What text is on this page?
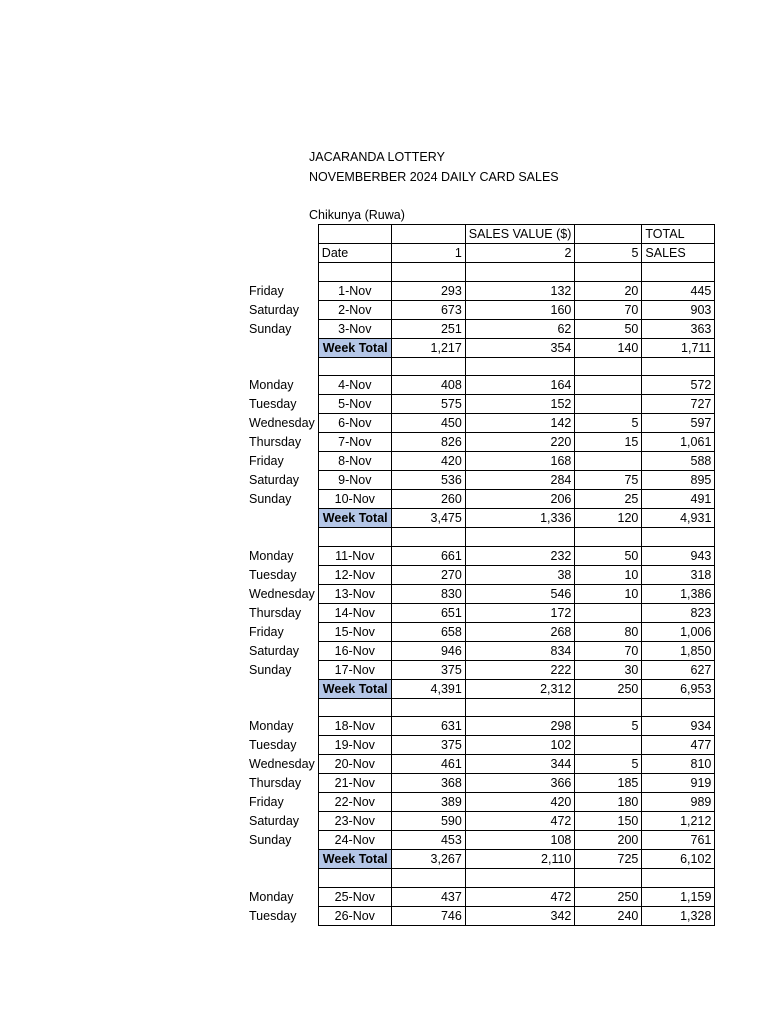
JACARANDA LOTTERY
NOVEMBERBER 2024 DAILY CARD SALES
Chikunya (Ruwa)
			SALES VALUE ($)		TOTAL
	Date	1	2	5	SALES

Friday	1-Nov	293	132	20	445
Saturday	2-Nov	673	160	70	903
Sunday	3-Nov	251	62	50	363
	Week Total	1,217	354	140	1,711

Monday	4-Nov	408	164		572
Tuesday	5-Nov	575	152		727
Wednesday	6-Nov	450	142	5	597
Thursday	7-Nov	826	220	15	1,061
Friday	8-Nov	420	168		588
Saturday	9-Nov	536	284	75	895
Sunday	10-Nov	260	206	25	491
	Week Total	3,475	1,336	120	4,931

Monday	11-Nov	661	232	50	943
Tuesday	12-Nov	270	38	10	318
Wednesday	13-Nov	830	546	10	1,386
Thursday	14-Nov	651	172		823
Friday	15-Nov	658	268	80	1,006
Saturday	16-Nov	946	834	70	1,850
Sunday	17-Nov	375	222	30	627
	Week Total	4,391	2,312	250	6,953

Monday	18-Nov	631	298	5	934
Tuesday	19-Nov	375	102		477
Wednesday	20-Nov	461	344	5	810
Thursday	21-Nov	368	366	185	919
Friday	22-Nov	389	420	180	989
Saturday	23-Nov	590	472	150	1,212
Sunday	24-Nov	453	108	200	761
	Week Total	3,267	2,110	725	6,102

Monday	25-Nov	437	472	250	1,159
Tuesday	26-Nov	746	342	240	1,328
